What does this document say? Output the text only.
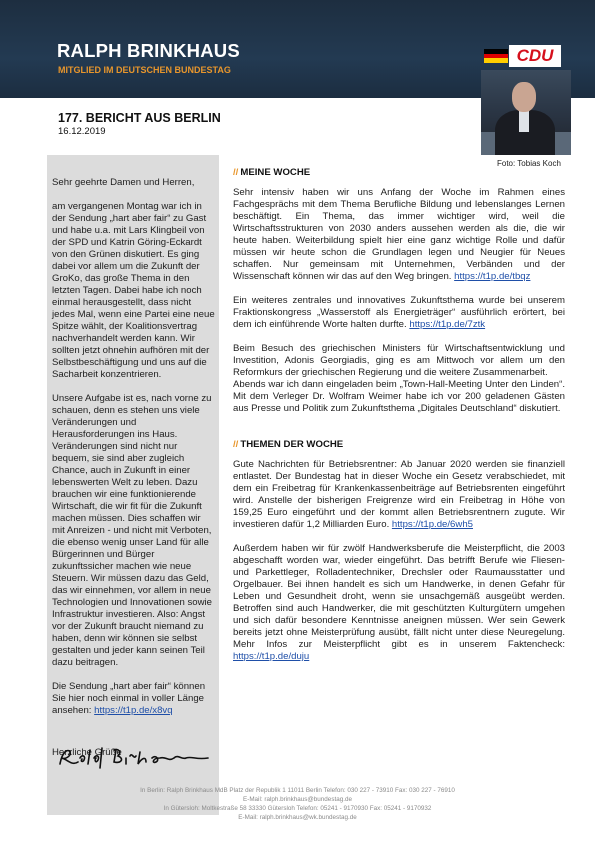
RALPH BRINKHAUS
MITGLIED IM DEUTSCHEN BUNDESTAG
CDU
Foto: Tobias Koch
177. BERICHT AUS BERLIN
16.12.2019

Sehr geehrte Damen und Herren,

am vergangenen Montag war ich in der Sendung „hart aber fair“ zu Gast und habe u.a. mit Lars Klingbeil von der SPD und Katrin Göring-Eckardt von den Grünen diskutiert. Es ging dabei vor allem um die Zukunft der GroKo, das große Thema in den letzten Tagen. Dabei habe ich noch einmal herausgestellt, dass nicht jedes Mal, wenn eine Partei eine neue Spitze wählt, der Koalitionsvertrag nachverhandelt werden kann. Wir sollten jetzt ohnehin aufhören mit der Selbstbeschäftigung und uns auf die Sacharbeit konzentrieren.

Unsere Aufgabe ist es, nach vorne zu schauen, denn es stehen uns viele Veränderungen und Herausforderungen ins Haus. Veränderungen sind nicht nur bequem, sie sind aber zugleich Chance, auch in Zukunft in einer lebenswerten Welt zu leben. Dazu brauchen wir eine funktionierende Wirtschaft, die wir fit für die Zukunft machen müssen. Dies schaffen wir mit Anreizen - und nicht mit Verboten, die ebenso wenig unser Land für alle Bürgerinnen und Bürger zukunftssicher machen wie neue Steuern. Wir müssen dazu das Geld, das wir einnehmen, vor allem in neue Technologien und Innovationen sowie Infrastruktur investieren. Also: Angst vor der Zukunft braucht niemand zu haben, denn wir können sie selbst gestalten und jeder kann seinen Teil dazu beitragen.

Die Sendung „hart aber fair“ können Sie hier noch einmal in voller Länge ansehen: https://t1p.de/x8vq

Herzliche Grüße

// MEINE WOCHE

Sehr intensiv haben wir uns Anfang der Woche im Rahmen eines Fachgesprächs mit dem Thema Berufliche Bildung und lebenslanges Lernen beschäftigt. Ein Thema, das immer wichtiger wird, weil die Wirtschaftsstrukturen von 2030 anders aussehen werden als die, die wir heute haben. Weiterbildung spielt hier eine ganz wichtige Rolle und dafür müssen wir heute schon die Grundlagen legen und Neugier für Neues schaffen. Nur gemeinsam mit Unternehmen, Verbänden und der Wissenschaft können wir das auf den Weg bringen. https://t1p.de/tbqz

Ein weiteres zentrales und innovatives Zukunftsthema wurde bei unserem Fraktionskongress „Wasserstoff als Energieträger“ ausführlich erörtert, bei dem ich einführende Worte halten durfte. https://t1p.de/7ztk

Beim Besuch des griechischen Ministers für Wirtschaftsentwicklung und Investition, Adonis Georgiadis, ging es am Mittwoch vor allem um den Reformkurs der griechischen Regierung und die weitere Zusammenarbeit.

Abends war ich dann eingeladen beim „Town-Hall-Meeting Unter den Linden“. Mit dem Verleger Dr. Wolfram Weimer habe ich vor 200 geladenen Gästen aus Presse und Politik zum Zukunftsthema „Digitales Deutschland“ diskutiert.

// THEMEN DER WOCHE

Gute Nachrichten für Betriebsrentner: Ab Januar 2020 werden sie finanziell entlastet. Der Bundestag hat in dieser Woche ein Gesetz verabschiedet, mit dem ein Freibetrag für Krankenkassenbeiträge auf Betriebsrenten eingeführt wird. Anstelle der bisherigen Freigrenze wird ein Freibetrag in Höhe von 159,25 Euro eingeführt und der kommt allen Betriebsrentnern zugute. Wir investieren dafür 1,2 Milliarden Euro. https://t1p.de/6wh5

Außerdem haben wir für zwölf Handwerksberufe die Meisterpflicht, die 2003 abgeschafft worden war, wieder eingeführt. Das betrifft Berufe wie Fliesen- und Parkettleger, Rolladentechniker, Drechsler oder Raumausstatter und Orgelbauer. Bei ihnen handelt es sich um Handwerke, in denen Gefahr für Leben und Gesundheit droht, wenn sie unsachgemäß ausgeübt werden. Betroffen sind auch Handwerker, die mit geschützten Kulturgütern umgehen und sich dafür besondere Kenntnisse aneignen müssen. Wer sein Gewerk bereits jetzt ohne Meisterprüfung ausübt, fällt nicht unter diese Neuregelung. Mehr Infos zur Meisterpflicht gibt es in unserem Faktencheck: https://t1p.de/duju

In Berlin: Ralph Brinkhaus MdB Platz der Republik 1 11011 Berlin Telefon: 030 227 - 73910 Fax: 030 227 - 76910
E-Mail: ralph.brinkhaus@bundestag.de
In Gütersloh: Moltkestraße 58 33330 Gütersloh Telefon: 05241 - 9170930 Fax: 05241 - 9170932
E-Mail: ralph.brinkhaus@wk.bundestag.de
